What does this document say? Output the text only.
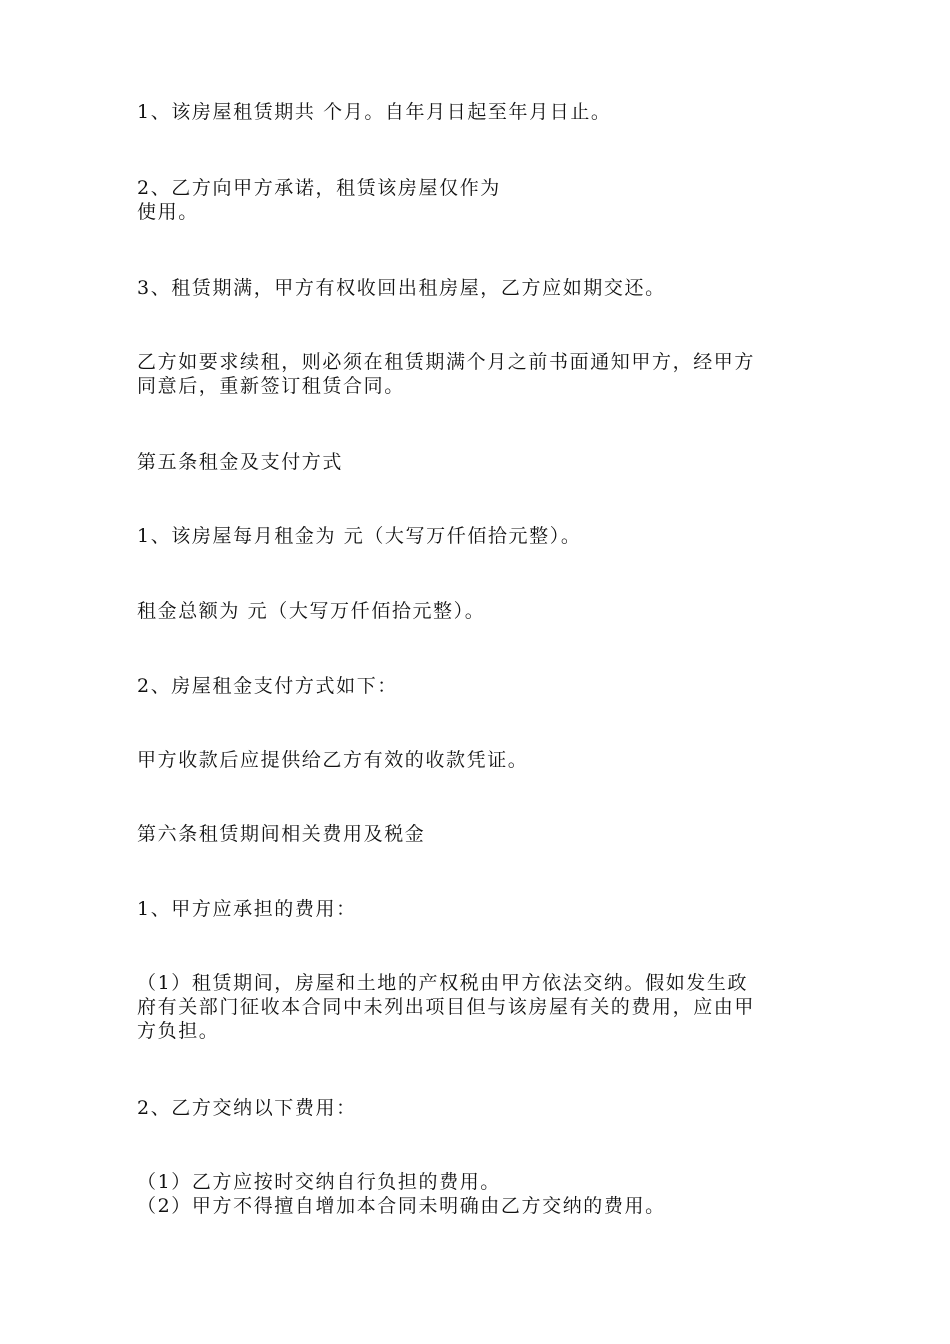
1、该房屋租赁期共 个月。自年月日起至年月日止。

2、乙方向甲方承诺，租赁该房屋仅作为
使用。

3、租赁期满，甲方有权收回出租房屋，乙方应如期交还。

乙方如要求续租，则必须在租赁期满个月之前书面通知甲方，经甲方
同意后，重新签订租赁合同。

第五条租金及支付方式

1、该房屋每月租金为 元（大写万仟佰拾元整）。

租金总额为 元（大写万仟佰拾元整）。

2、房屋租金支付方式如下：

甲方收款后应提供给乙方有效的收款凭证。

第六条租赁期间相关费用及税金

1、甲方应承担的费用：

（1）租赁期间，房屋和土地的产权税由甲方依法交纳。假如发生政
府有关部门征收本合同中未列出项目但与该房屋有关的费用，应由甲
方负担。

2、乙方交纳以下费用：

（1）乙方应按时交纳自行负担的费用。
（2）甲方不得擅自增加本合同未明确由乙方交纳的费用。
